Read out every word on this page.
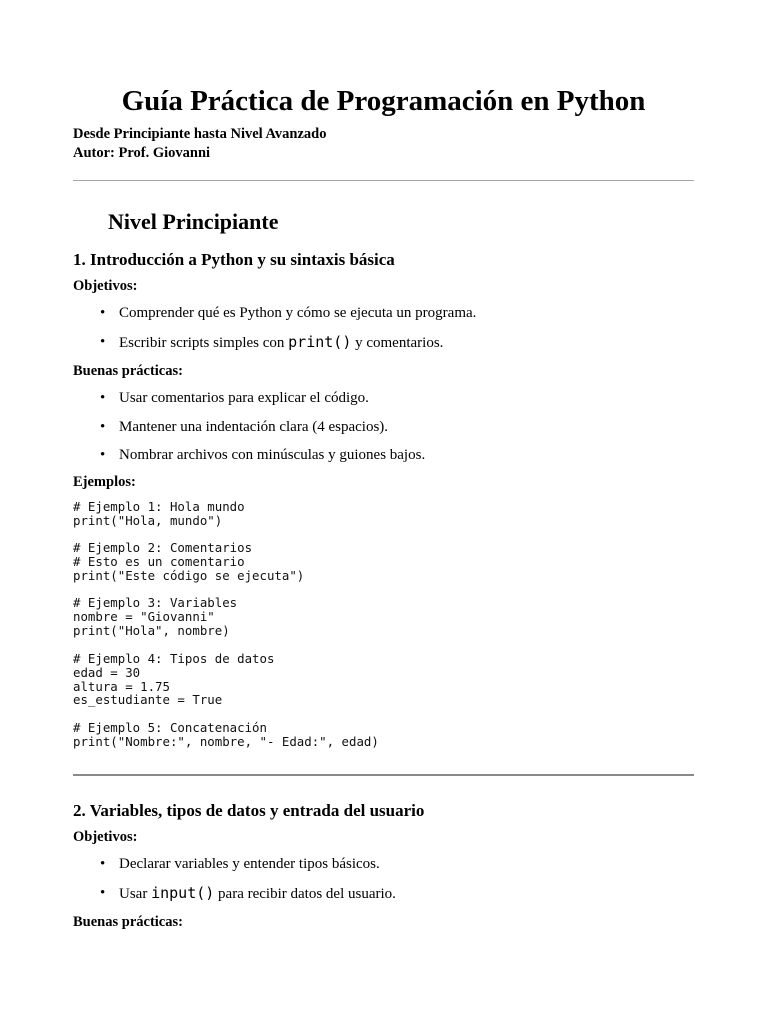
Guía Práctica de Programación en Python

Desde Principiante hasta Nivel Avanzado

Autor: Prof. Giovanni

Nivel Principiante
1. Introducción a Python y su sintaxis básica

Objetivos:

• Comprender qué es Python y cómo se ejecuta un programa.
• Escribir scripts simples con print() y comentarios.

Buenas prácticas:

• Usar comentarios para explicar el código.
• Mantener una indentación clara (4 espacios).
• Nombrar archivos con minúsculas y guiones bajos.

Ejemplos:

# Ejemplo 1: Hola mundo
print("Hola, mundo")
# Ejemplo 2: Comentarios
# Esto es un comentario
print("Este código se ejecuta")
# Ejemplo 3: Variables
nombre = "Giovanni"
print("Hola", nombre)
# Ejemplo 4: Tipos de datos
edad = 30
altura = 1.75
es_estudiante = True
# Ejemplo 5: Concatenación
print("Nombre:", nombre, "- Edad:", edad)
2. Variables, tipos de datos y entrada del usuario

Objetivos:

• Declarar variables y entender tipos básicos.
• Usar input() para recibir datos del usuario.

Buenas prácticas:
